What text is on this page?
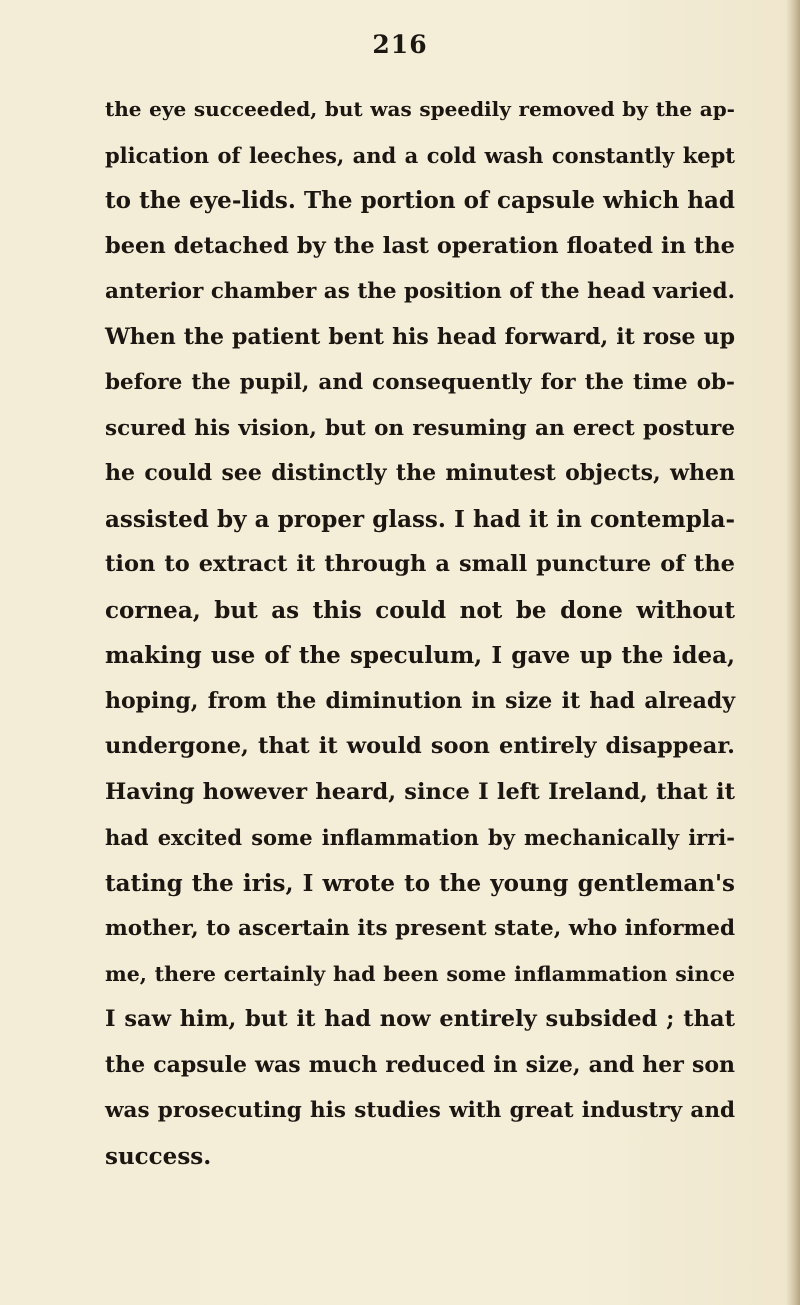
216
the eye succeeded, but was speedily removed by the ap-
plication of leeches, and a cold wash constantly kept
to the eye-lids. The portion of capsule which had
been detached by the last operation floated in the
anterior chamber as the position of the head varied.
When the patient bent his head forward, it rose up
before the pupil, and consequently for the time ob-
scured his vision, but on resuming an erect posture
he could see distinctly the minutest objects, when
assisted by a proper glass. I had it in contempla-
tion to extract it through a small puncture of the
cornea, but as this could not be done without
making use of the speculum, I gave up the idea,
hoping, from the diminution in size it had already
undergone, that it would soon entirely disappear.
Having however heard, since I left Ireland, that it
had excited some inflammation by mechanically irri-
tating the iris, I wrote to the young gentleman's
mother, to ascertain its present state, who informed
me, there certainly had been some inflammation since
I saw him, but it had now entirely subsided ; that
the capsule was much reduced in size, and her son
was prosecuting his studies with great industry and
success.
